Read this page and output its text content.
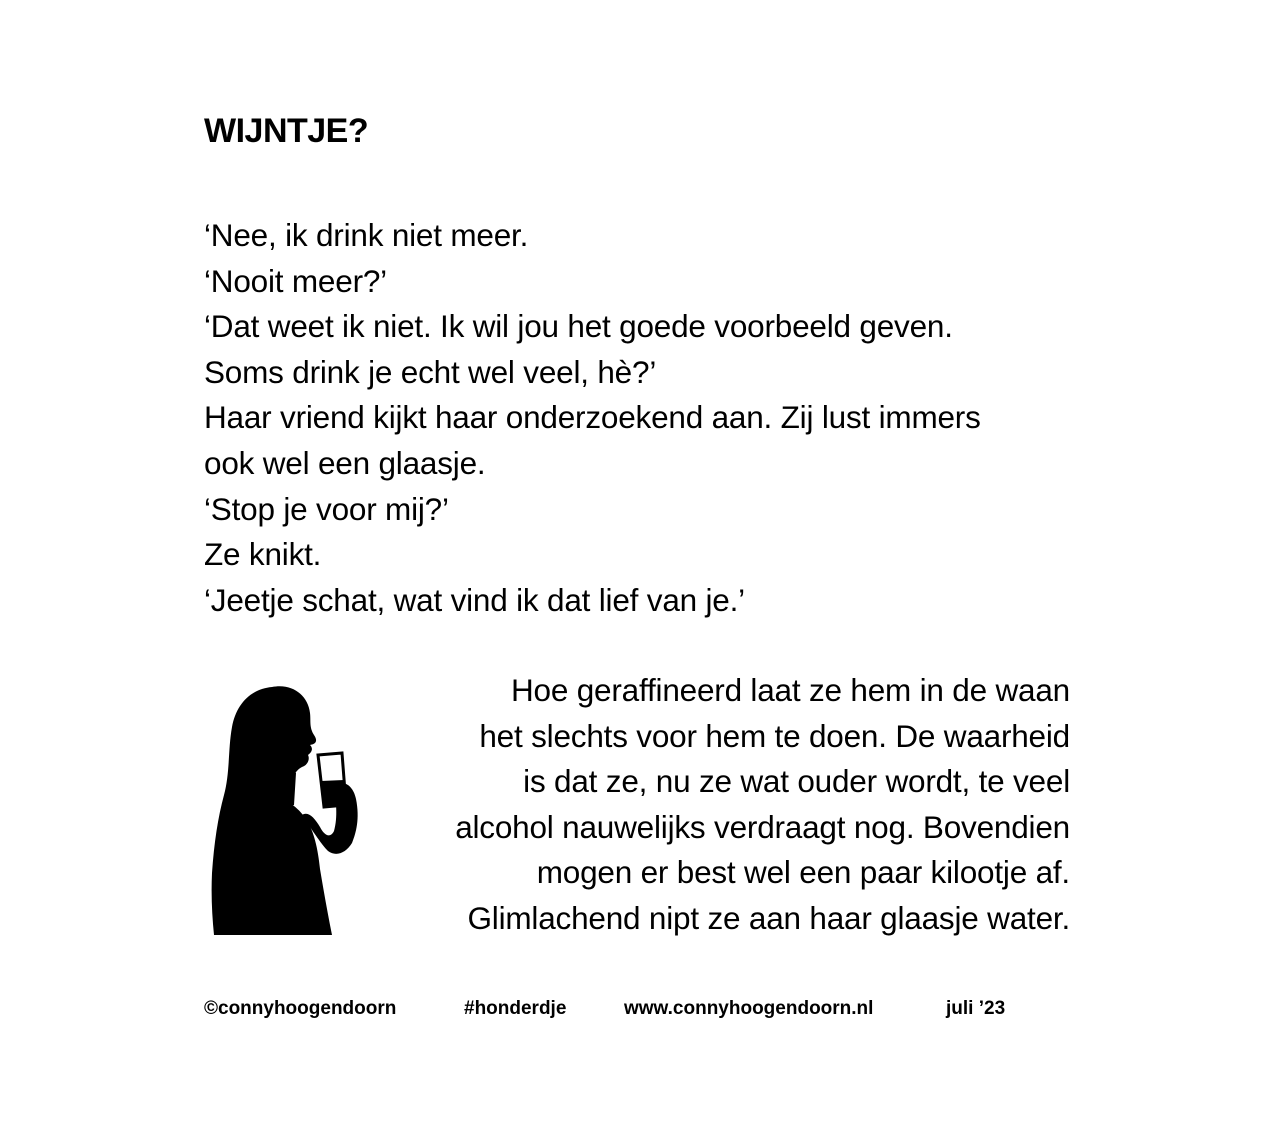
WIJNTJE?
‘Nee, ik drink niet meer.
‘Nooit meer?’
‘Dat weet ik niet. Ik wil jou het goede voorbeeld geven.
Soms drink je echt wel veel, hè?’
Haar vriend kijkt haar onderzoekend aan. Zij lust immers
ook wel een glaasje.
‘Stop je voor mij?’
Ze knikt.
‘Jeetje schat, wat vind ik dat lief van je.’
Hoe geraffineerd laat ze hem in de waan
het slechts voor hem te doen. De waarheid
is dat ze, nu ze wat ouder wordt, te veel
alcohol nauwelijks verdraagt nog. Bovendien
mogen er best wel een paar kilootje af.
Glimlachend nipt ze aan haar glaasje water.
©connyhoogendoorn	#honderdje	www.connyhoogendoorn.nl	juli ’23
